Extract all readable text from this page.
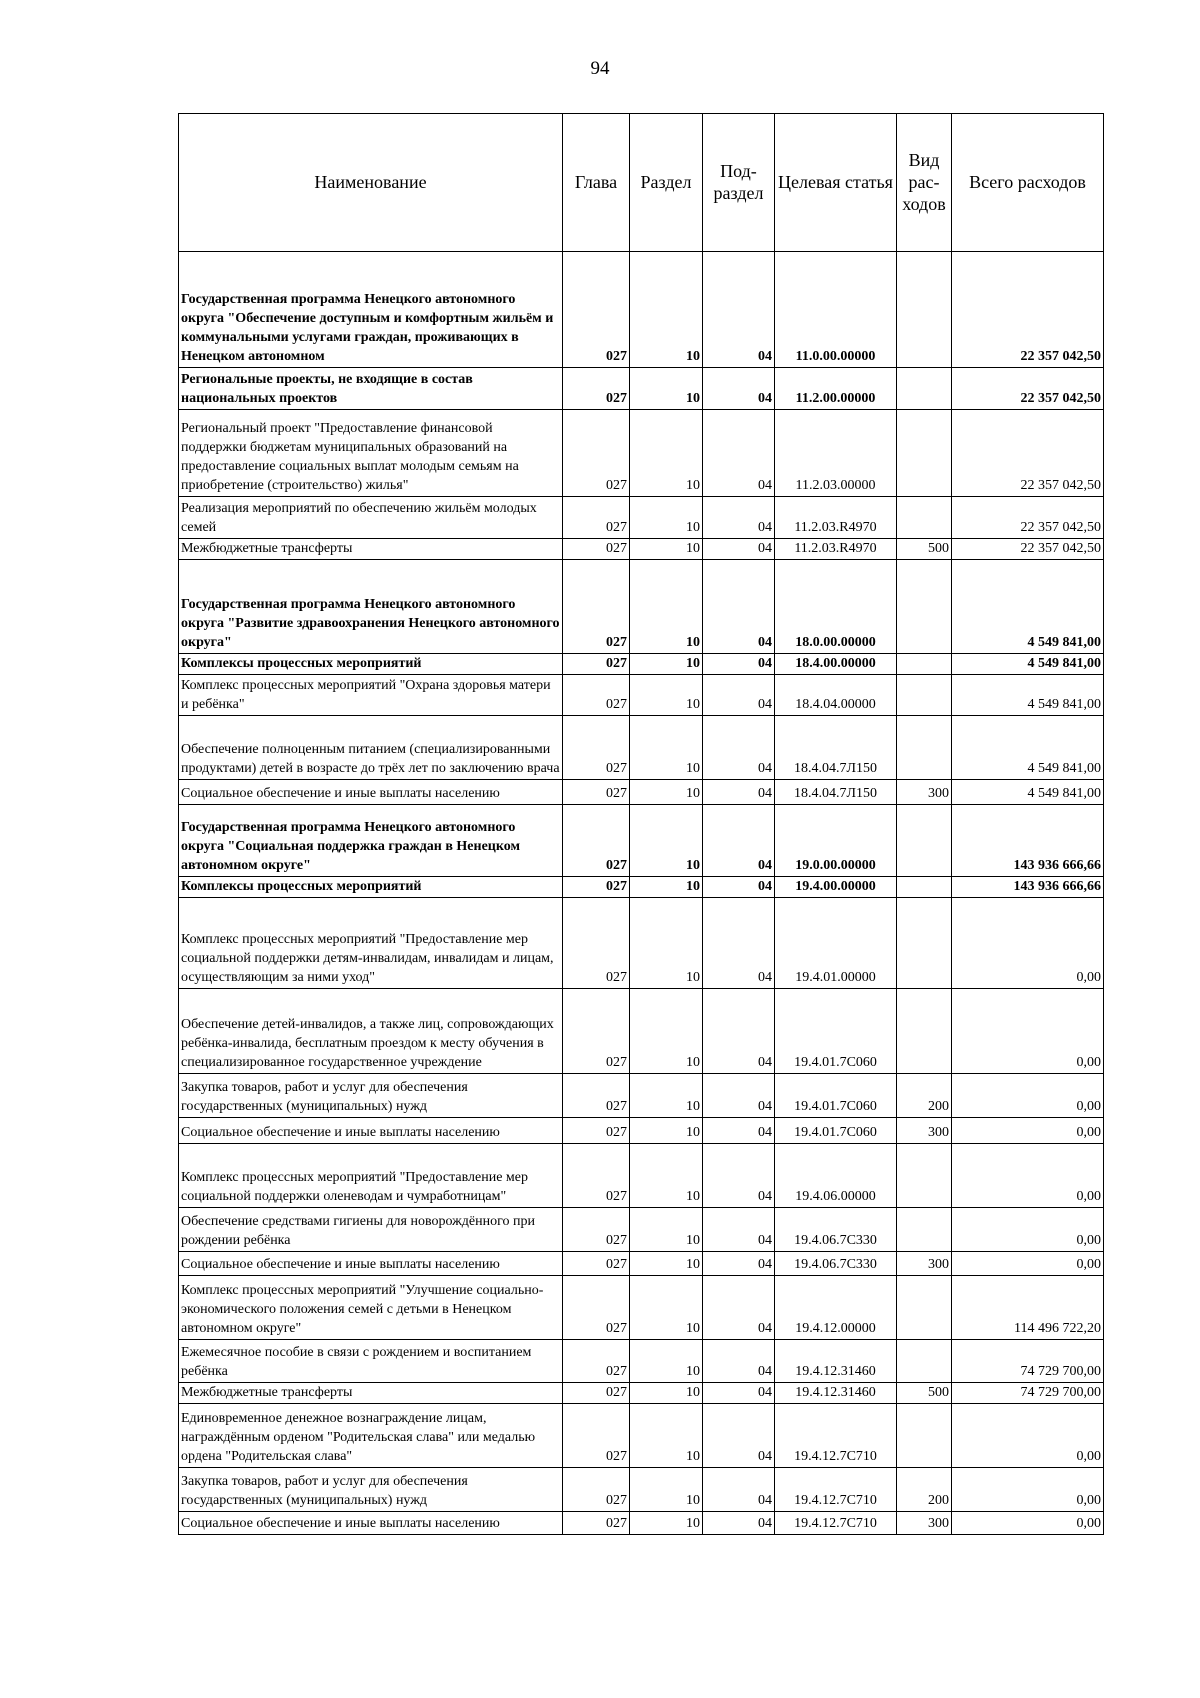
94
Наименование	Глава	Раздел	Под-раздел	Целевая статья	Вид рас-ходов	Всего расходов
Государственная программа Ненецкого автономного округа "Обеспечение доступным и комфортным жильём и коммунальными услугами граждан, проживающих в Ненецком автономном	027	10	04	11.0.00.00000		22 357 042,50
Региональные проекты, не входящие в состав национальных проектов	027	10	04	11.2.00.00000		22 357 042,50
Региональный проект "Предоставление финансовой поддержки бюджетам муниципальных образований на предоставление социальных выплат молодым семьям на приобретение (строительство) жилья"	027	10	04	11.2.03.00000		22 357 042,50
Реализация мероприятий по обеспечению жильём молодых семей	027	10	04	11.2.03.R4970		22 357 042,50
Межбюджетные трансферты	027	10	04	11.2.03.R4970	500	22 357 042,50
Государственная программа Ненецкого автономного округа "Развитие здравоохранения Ненецкого автономного округа"	027	10	04	18.0.00.00000		4 549 841,00
Комплексы процессных мероприятий	027	10	04	18.4.00.00000		4 549 841,00
Комплекс процессных мероприятий "Охрана здоровья матери и ребёнка"	027	10	04	18.4.04.00000		4 549 841,00
Обеспечение полноценным питанием (специализированными продуктами) детей в возрасте до трёх лет по заключению врача	027	10	04	18.4.04.7Л150		4 549 841,00
Социальное обеспечение и иные выплаты населению	027	10	04	18.4.04.7Л150	300	4 549 841,00
Государственная программа Ненецкого автономного округа "Социальная поддержка граждан в Ненецком автономном округе"	027	10	04	19.0.00.00000		143 936 666,66
Комплексы процессных мероприятий	027	10	04	19.4.00.00000		143 936 666,66
Комплекс процессных мероприятий "Предоставление мер социальной поддержки детям-инвалидам, инвалидам и лицам, осуществляющим за ними уход"	027	10	04	19.4.01.00000		0,00
Обеспечение детей-инвалидов, а также лиц, сопровождающих ребёнка-инвалида, бесплатным проездом к месту обучения в специализированное государственное учреждение	027	10	04	19.4.01.7С060		0,00
Закупка товаров, работ и услуг для обеспечения государственных (муниципальных) нужд	027	10	04	19.4.01.7С060	200	0,00
Социальное обеспечение и иные выплаты населению	027	10	04	19.4.01.7С060	300	0,00
Комплекс процессных мероприятий "Предоставление мер социальной поддержки оленеводам и чумработницам"	027	10	04	19.4.06.00000		0,00
Обеспечение средствами гигиены для новорождённого при рождении ребёнка	027	10	04	19.4.06.7С330		0,00
Социальное обеспечение и иные выплаты населению	027	10	04	19.4.06.7С330	300	0,00
Комплекс процессных мероприятий "Улучшение социально-экономического положения семей с детьми в Ненецком автономном округе"	027	10	04	19.4.12.00000		114 496 722,20
Ежемесячное пособие в связи с рождением и воспитанием ребёнка	027	10	04	19.4.12.31460		74 729 700,00
Межбюджетные трансферты	027	10	04	19.4.12.31460	500	74 729 700,00
Единовременное денежное вознаграждение лицам, награждённым орденом "Родительская слава" или медалью ордена "Родительская слава"	027	10	04	19.4.12.7С710		0,00
Закупка товаров, работ и услуг для обеспечения государственных (муниципальных) нужд	027	10	04	19.4.12.7С710	200	0,00
Социальное обеспечение и иные выплаты населению	027	10	04	19.4.12.7С710	300	0,00
